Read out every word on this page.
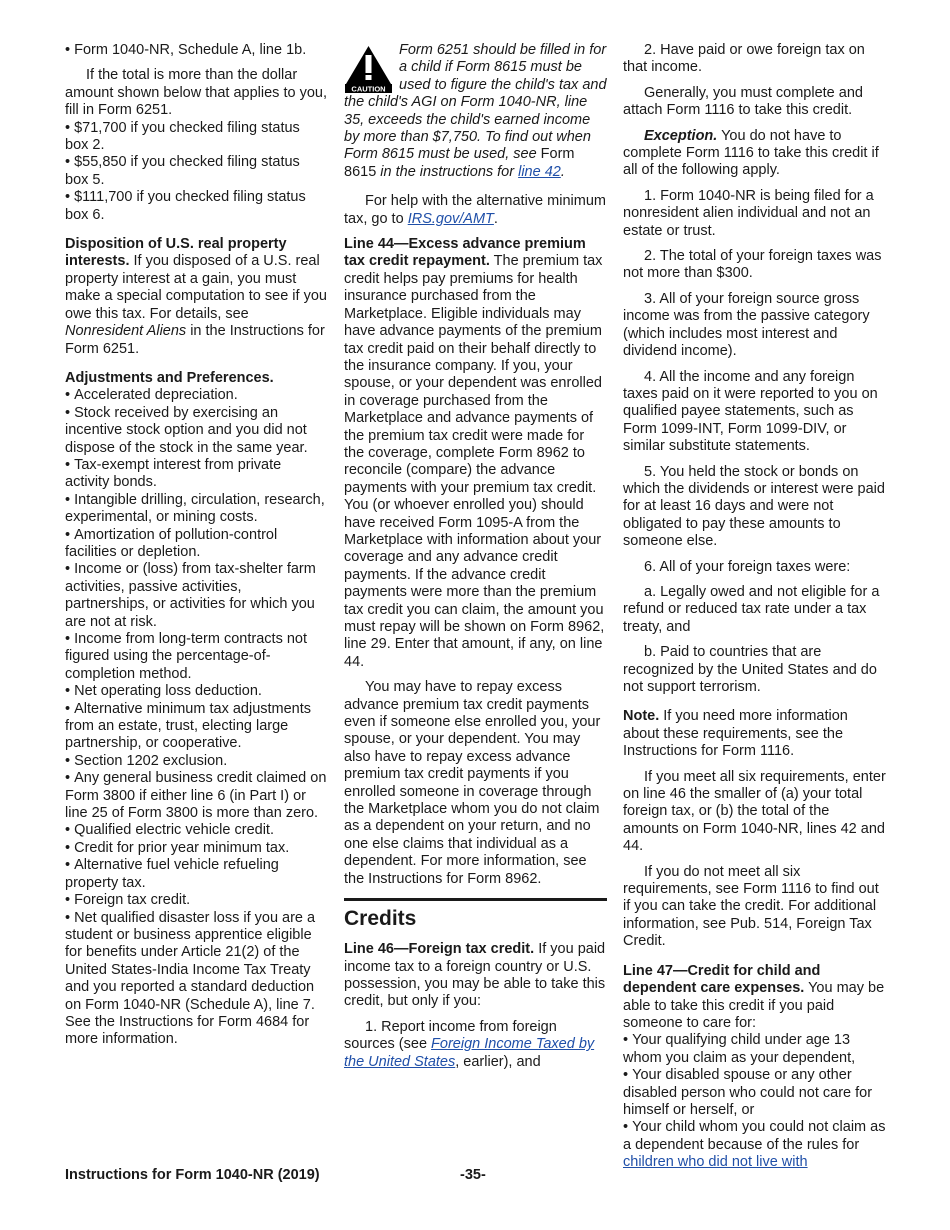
• Form 1040-NR, Schedule A, line 1b.

If the total is more than the dollar amount shown below that applies to you, fill in Form 6251.

• $71,700 if you checked filing status box 2.

• $55,850 if you checked filing status box 5.

• $111,700 if you checked filing status box 6.

Disposition of U.S. real property interests. If you disposed of a U.S. real property interest at a gain, you must make a special computation to see if you owe this tax. For details, see Nonresident Aliens in the Instructions for Form 6251.

Adjustments and Preferences.

• Accelerated depreciation.

• Stock received by exercising an incentive stock option and you did not dispose of the stock in the same year.

• Tax-exempt interest from private activity bonds.

• Intangible drilling, circulation, research, experimental, or mining costs.

• Amortization of pollution-control facilities or depletion.

• Income or (loss) from tax-shelter farm activities, passive activities, partnerships, or activities for which you are not at risk.

• Income from long-term contracts not figured using the percentage-of-completion method.

• Net operating loss deduction.

• Alternative minimum tax adjustments from an estate, trust, electing large partnership, or cooperative.

• Section 1202 exclusion.

• Any general business credit claimed on Form 3800 if either line 6 (in Part I) or line 25 of Form 3800 is more than zero.

• Qualified electric vehicle credit.

• Credit for prior year minimum tax.

• Alternative fuel vehicle refueling property tax.

• Foreign tax credit.

• Net qualified disaster loss if you are a student or business apprentice eligible for benefits under Article 21(2) of the United States-India Income Tax Treaty and you reported a standard deduction on Form 1040-NR (Schedule A), line 7. See the Instructions for Form 4684 for more information.

CAUTION

Form 6251 should be filled in for a child if Form 8615 must be used to figure the child's tax and the child's AGI on Form 1040-NR, line 35, exceeds the child's earned income by more than $7,750. To find out when Form 8615 must be used, see Form 8615 in the instructions for line 42.

For help with the alternative minimum tax, go to IRS.gov/AMT.

Line 44—Excess advance premium tax credit repayment. The premium tax credit helps pay premiums for health insurance purchased from the Marketplace. Eligible individuals may have advance payments of the premium tax credit paid on their behalf directly to the insurance company. If you, your spouse, or your dependent was enrolled in coverage purchased from the Marketplace and advance payments of the premium tax credit were made for the coverage, complete Form 8962 to reconcile (compare) the advance payments with your premium tax credit. You (or whoever enrolled you) should have received Form 1095-A from the Marketplace with information about your coverage and any advance credit payments. If the advance credit payments were more than the premium tax credit you can claim, the amount you must repay will be shown on Form 8962, line 29. Enter that amount, if any, on line 44.

You may have to repay excess advance premium tax credit payments even if someone else enrolled you, your spouse, or your dependent. You may also have to repay excess advance premium tax credit payments if you enrolled someone in coverage through the Marketplace whom you do not claim as a dependent on your return, and no one else claims that individual as a dependent. For more information, see the Instructions for Form 8962.

Credits

Line 46—Foreign tax credit. If you paid income tax to a foreign country or U.S. possession, you may be able to take this credit, but only if you:

1. Report income from foreign sources (see Foreign Income Taxed by the United States, earlier), and

2. Have paid or owe foreign tax on that income.

Generally, you must complete and attach Form 1116 to take this credit.

Exception. You do not have to complete Form 1116 to take this credit if all of the following apply.

1. Form 1040-NR is being filed for a nonresident alien individual and not an estate or trust.

2. The total of your foreign taxes was not more than $300.

3. All of your foreign source gross income was from the passive category (which includes most interest and dividend income).

4. All the income and any foreign taxes paid on it were reported to you on qualified payee statements, such as Form 1099-INT, Form 1099-DIV, or similar substitute statements.

5. You held the stock or bonds on which the dividends or interest were paid for at least 16 days and were not obligated to pay these amounts to someone else.

6. All of your foreign taxes were:

a. Legally owed and not eligible for a refund or reduced tax rate under a tax treaty, and

b. Paid to countries that are recognized by the United States and do not support terrorism.

Note. If you need more information about these requirements, see the Instructions for Form 1116.

If you meet all six requirements, enter on line 46 the smaller of (a) your total foreign tax, or (b) the total of the amounts on Form 1040-NR, lines 42 and 44.

If you do not meet all six requirements, see Form 1116 to find out if you can take the credit. For additional information, see Pub. 514, Foreign Tax Credit.

Line 47—Credit for child and dependent care expenses. You may be able to take this credit if you paid someone to care for:

• Your qualifying child under age 13 whom you claim as your dependent,

• Your disabled spouse or any other disabled person who could not care for himself or herself, or

• Your child whom you could not claim as a dependent because of the rules for children who did not live with

Instructions for Form 1040-NR (2019)	-35-
